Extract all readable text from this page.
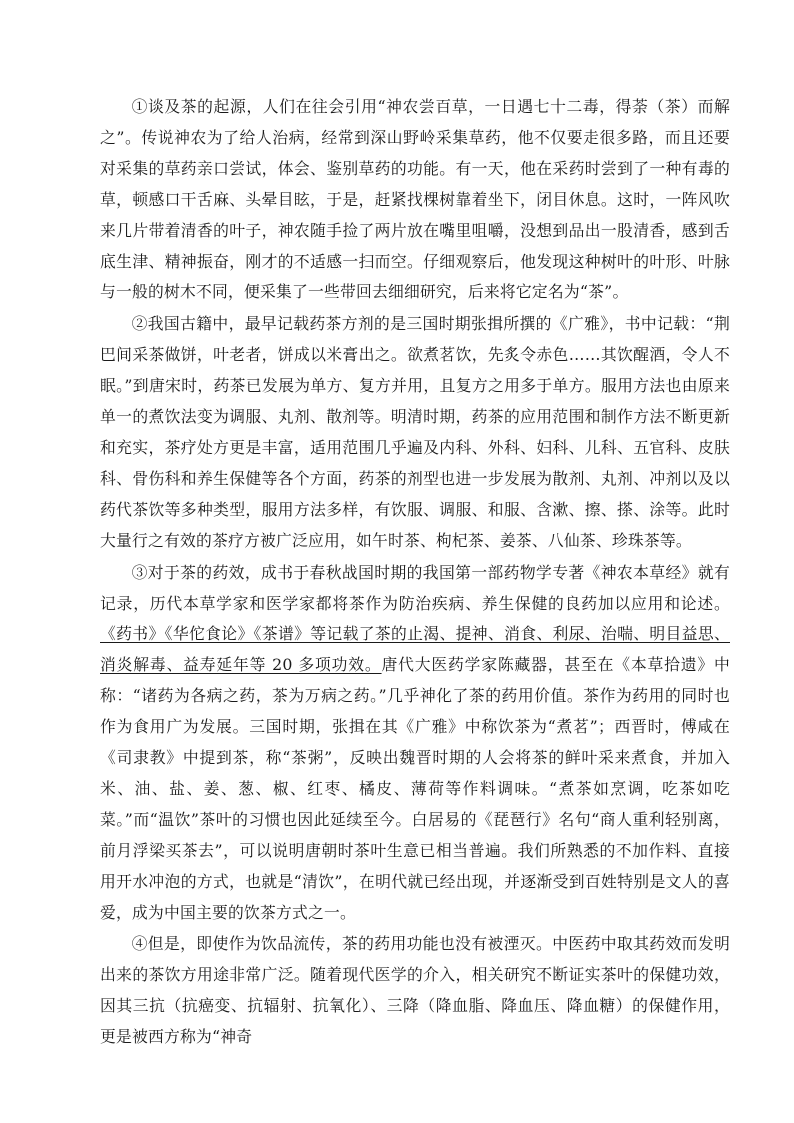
①谈及茶的起源，人们在往会引用“神农尝百草，一日遇七十二毒，得荼（茶）而解之”。传说神农为了给人治病，经常到深山野岭采集草药，他不仅要走很多路，而且还要对采集的草药亲口尝试，体会、鉴别草药的功能。有一天，他在采药时尝到了一种有毒的草，顿感口干舌麻、头晕目眩，于是，赶紧找棵树靠着坐下，闭目休息。这时，一阵风吹来几片带着清香的叶子，神农随手捡了两片放在嘴里咀嚼，没想到品出一股清香，感到舌底生津、精神振奋，刚才的不适感一扫而空。仔细观察后，他发现这种树叶的叶形、叶脉与一般的树木不同，便采集了一些带回去细细研究，后来将它定名为“茶”。

②我国古籍中，最早记载药茶方剂的是三国时期张揖所撰的《广雅》，书中记载：“荆巴间采茶做饼，叶老者，饼成以米膏出之。欲煮茗饮，先炙令赤色……其饮醒酒，令人不眠。”到唐宋时，药茶已发展为单方、复方并用，且复方之用多于单方。服用方法也由原来单一的煮饮法变为调服、丸剂、散剂等。明清时期，药茶的应用范围和制作方法不断更新和充实，茶疗处方更是丰富，适用范围几乎遍及内科、外科、妇科、儿科、五官科、皮肤科、骨伤科和养生保健等各个方面，药茶的剂型也进一步发展为散剂、丸剂、冲剂以及以药代茶饮等多种类型，服用方法多样，有饮服、调服、和服、含漱、擦、搽、涂等。此时大量行之有效的茶疗方被广泛应用，如午时茶、枸杞茶、姜茶、八仙茶、珍珠茶等。

③对于茶的药效，成书于春秋战国时期的我国第一部药物学专著《神农本草经》就有记录，历代本草学家和医学家都将茶作为防治疾病、养生保健的良药加以应用和论述。《药书》《华佗食论》《茶谱》等记载了茶的止渴、提神、消食、利尿、治喘、明目益思、消炎解毒、益寿延年等 20 多项功效。唐代大医药学家陈藏器，甚至在《本草拾遗》中称：“诸药为各病之药，茶为万病之药。”几乎神化了茶的药用价值。茶作为药用的同时也作为食用广为发展。三国时期，张揖在其《广雅》中称饮茶为“煮茗”；西晋时，傅咸在《司隶教》中提到茶，称“茶粥”，反映出魏晋时期的人会将茶的鲜叶采来煮食，并加入米、油、盐、姜、葱、椒、红枣、橘皮、薄荷等作料调味。“煮茶如烹调，吃茶如吃菜。”而“温饮”茶叶的习惯也因此延续至今。白居易的《琵琶行》名句“商人重利轻别离，前月浮梁买茶去”，可以说明唐朝时茶叶生意已相当普遍。我们所熟悉的不加作料、直接用开水冲泡的方式，也就是“清饮”，在明代就已经出现，并逐渐受到百姓特别是文人的喜爱，成为中国主要的饮茶方式之一。

④但是，即使作为饮品流传，茶的药用功能也没有被湮灭。中医药中取其药效而发明出来的茶饮方用途非常广泛。随着现代医学的介入，相关研究不断证实茶叶的保健功效，因其三抗（抗癌变、抗辐射、抗氧化）、三降（降血脂、降血压、降血糖）的保健作用，更是被西方称为“神奇
